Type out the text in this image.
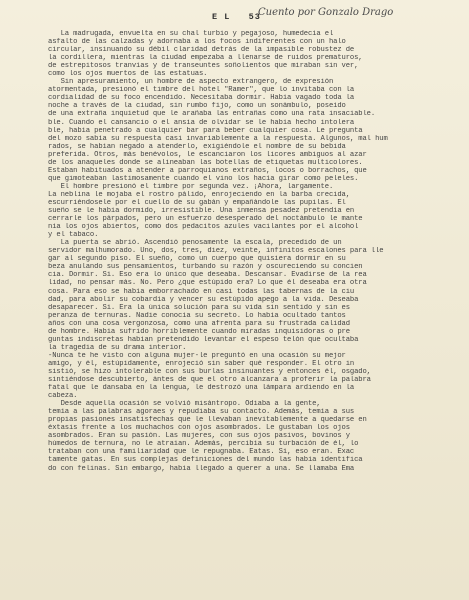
E L   53
Cuento por Gonzalo Drago
La madrugada, envuelta en su chal turbio y pegajoso, humedecía el
asfalto de las calzadas y adornaba a los focos indiferentes con un halo
circular, insinuando su débil claridad detrás de la impasible robustez de
la cordillera, mientras la ciudad empezaba a llenarse de ruidos prematuros,
de estrepitosos tranvías y de transeuntes soñolientos que miraban sin ver,
como los ojos muertos de las estatuas.
Sin apresuramiento, un hombre de aspecto extrangero, de expresión
atormentada, presionó el timbre del hotel "Ramer", que lo invitaba con la
cordialidad de su foco encendido. Necesitaba dormir. Había vagado toda la
noche a través de la ciudad, sin rumbo fijo, como un sonámbulo, poseído
de una extraña inquietud que le arañaba las entrañas como una rata insaciable.
ble. Cuando el cansancio o el ansia de olvidar se le había hecho intolera
ble, había penetrado a cualquier bar para beber cualquier cosa. Le pregunta
del mozo sabía su respuesta casi invariablemente a la respuesta. Algunos, mal hum
rados, se habían negado a atenderlo, exigiéndole el nombre de su bebida
preferida. Otros, más benévolos, le escanciaron los licores ambiguos al azar
de los anaqueles donde se alineaban las botellas de etiquetas multicolores.
Estaban habituados a atender a parroquianos extraños, locos o borrachos, que
que gimoteaban lastimosamente cuando el vino los hacía girar como peleles.
El hombre presionó el timbre por segunda vez. ¡Ahora, largamente.
La neblina le mojaba el rostro pálido, enrojeciendo en la barba crecida,
escurriéndosele por el cuello de su gabán y empañándole las pupilas. El
sueño se le había dormido, irresistible. Una inmensa pesadez pretendía en
cerrarle los párpados, pero un esfuerzo desesperado del noctámbulo le mante
nía los ojos abiertos, como dos pedacitos azules vacilantes por el alcohol
y el tabaco.
La puerta se abrió. Ascendió penosamente la escala, precedido de un
servidor malhumorado. Uno, dos, tres, diez, veinte, infinitos escalones para lle
gar al segundo piso. El sueño, como un cuerpo que quisiera dormir en su
beza anulando sus pensamientos, turbando su razón y oscureciendo su concien
cia. Dormir. Sí. Eso era lo único que deseaba. Descansar. Evadirse de la rea
lidad, no pensar más. No. Pero ¿que estúpido era? Lo que él deseaba era otra
cosa. Para eso se había emborrachado en casi todas las tabernas de la ciu
dad, para abolir su cobardía y vencer su estúpido apego a la vida. Deseaba
desaparecer. Sí. Era la única solución para su vida sin sentido y sin es
peranza de ternuras. Nadie conocía su secreto. Lo había ocultado tantos
años con una cosa vergonzosa, como una afrenta para su frustrada calidad
de hombre. Había sufrido horriblemente cuando miradas inquisidoras o pre
guntas indiscretas habían pretendido levantar el espeso telón que ocultaba
la tragedia de su drama interior.
-Nunca te he visto con alguna mujer-le preguntó en una ocasión su mejor
amigo, y él, estúpidamente, enrojeció sin saber qué responder. El otro in
sistió, se hizo intolerable con sus burlas insinuantes y entonces él, osgado,
sintiéndose descubierto, ántes de que el otro alcanzara a proferir la palabra
fatal que le dansaba en la lengua, le destrozó una lámpara ardiendo en la
cabeza.
Desde aquella ocasión se volvió misántropo. Odiaba a la gente,
temía a las palabras agoraes y repudiaba su contacto. Además, temía a sus
propias pasiones insatisfechas que le llevaban inevitablemente a quedarse en
éxtasis frente a los muchachos con ojos asombrados. Le gustaban los ojos
asombrados. Eran su pasión. Las mujeres, con sus ojos pasivos, bovinos y
húmedos de ternura, no le atraían. Además, percibía su turbación de él, lo
trataban con una familiaridad que le repugnaba. Eatas. Sí, eso eran. Exac
tamente gatas. En sus complejas definiciones del mundo las había identifica
do con felinas. Sin embargo, había llegado a querer a una. Se llamaba Ema
